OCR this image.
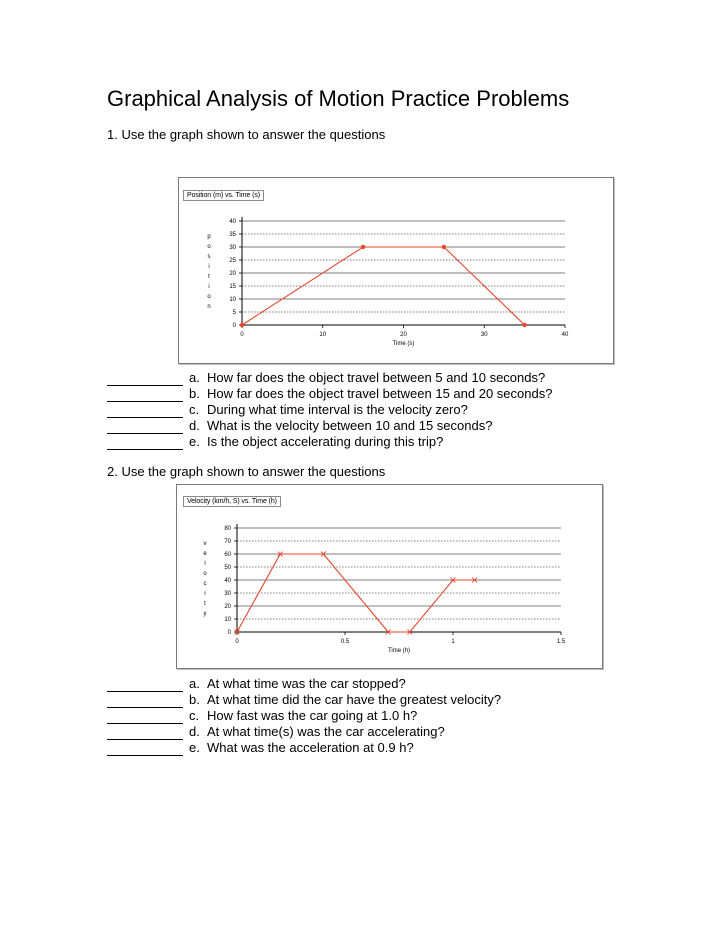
Graphical Analysis of Motion Practice Problems
1. Use the graph shown to answer the questions
Position (m) vs. Time (s)
0
5
10
15
20
25
30
35
40
0	10	20	30	40
Time (s)
p
o
s
i
t
i
o
n
a. How far does the object travel between 5 and 10 seconds?
b. How far does the object travel between 15 and 20 seconds?
c. During what time interval is the velocity zero?
d. What is the velocity between 10 and 15 seconds?
e. Is the object accelerating during this trip?
2. Use the graph shown to answer the questions
Velocity (km/h, S) vs. Time (h)
0
10
20
30
40
50
60
70
80
0	0.5	1	1.5
Time (h)
v
e
l
o
c
i
t
y
a. At what time was the car stopped?
b. At what time did the car have the greatest velocity?
c. How fast was the car going at 1.0 h?
d. At what time(s) was the car accelerating?
e. What was the acceleration at 0.9 h?
